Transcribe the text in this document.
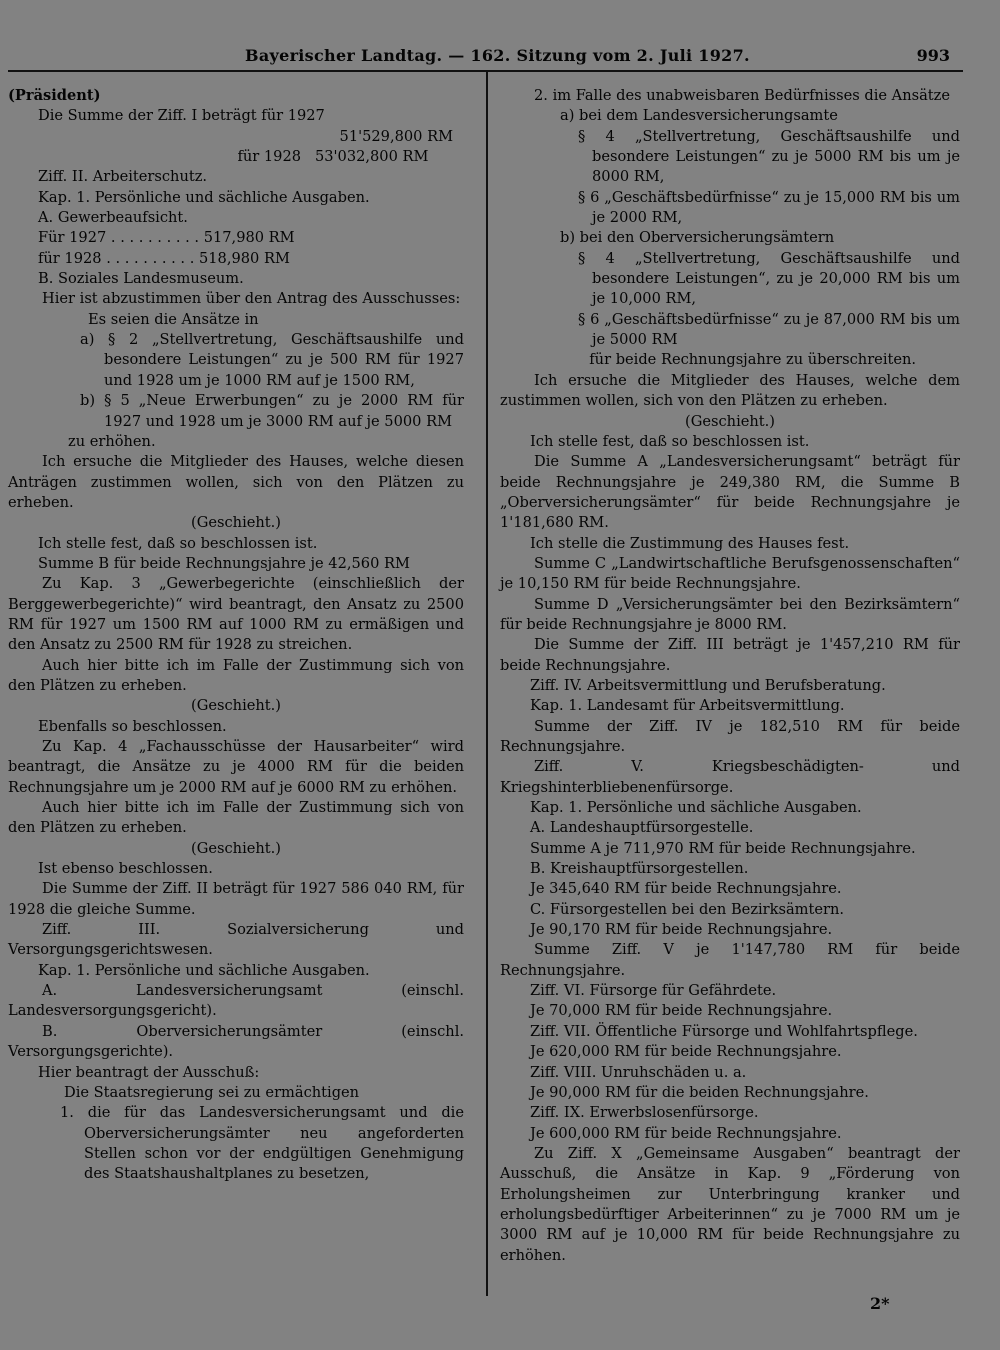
Bayerischer Landtag. — 162. Sitzung vom 2. Juli 1927.	993

(Präsident)

Die Summe der Ziff. I beträgt für 1927

51'529,800 RM

für 1928   53'032,800 RM

Ziff. II. Arbeiterschutz.

Kap. 1. Persönliche und sächliche Ausgaben.

A. Gewerbeaufsicht.

Für 1927 . . . . . . . . . . 517,980 RM

für 1928 . . . . . . . . . . 518,980 RM

B. Soziales Landesmuseum.

Hier ist abzustimmen über den Antrag des Ausschusses:

Es seien die Ansätze in

a) § 2 „Stellvertretung, Geschäftsaushilfe und besondere Leistungen“ zu je 500 RM für 1927 und 1928 um je 1000 RM auf je 1500 RM,

b) § 5 „Neue Erwerbungen“ zu je 2000 RM für 1927 und 1928 um je 3000 RM auf je 5000 RM

zu erhöhen.

Ich ersuche die Mitglieder des Hauses, welche diesen Anträgen zustimmen wollen, sich von den Plätzen zu erheben.

(Geschieht.)

Ich stelle fest, daß so beschlossen ist.

Summe B für beide Rechnungsjahre je 42,560 RM

Zu Kap. 3 „Gewerbegerichte (einschließlich der Berggewerbegerichte)“ wird beantragt, den Ansatz zu 2500 RM für 1927 um 1500 RM auf 1000 RM zu ermäßigen und den Ansatz zu 2500 RM für 1928 zu streichen.

Auch hier bitte ich im Falle der Zustimmung sich von den Plätzen zu erheben.

(Geschieht.)

Ebenfalls so beschlossen.

Zu Kap. 4 „Fachausschüsse der Hausarbeiter“ wird beantragt, die Ansätze zu je 4000 RM für die beiden Rechnungsjahre um je 2000 RM auf je 6000 RM zu erhöhen.

Auch hier bitte ich im Falle der Zustimmung sich von den Plätzen zu erheben.

(Geschieht.)

Ist ebenso beschlossen.

Die Summe der Ziff. II beträgt für 1927 586 040 RM, für 1928 die gleiche Summe.

Ziff. III. Sozialversicherung und Versorgungsgerichtswesen.

Kap. 1. Persönliche und sächliche Ausgaben.

A. Landesversicherungsamt (einschl. Landesversorgungsgericht).

B. Oberversicherungsämter (einschl. Versorgungsgerichte).

Hier beantragt der Ausschuß:

Die Staatsregierung sei zu ermächtigen

1. die für das Landesversicherungsamt und die Oberversicherungsämter neu angeforderten Stellen schon vor der endgültigen Genehmigung des Staatshaushaltplanes zu besetzen,

2. im Falle des unabweisbaren Bedürfnisses die Ansätze

a) bei dem Landesversicherungsamte

§ 4 „Stellvertretung, Geschäftsaushilfe und besondere Leistungen“ zu je 5000 RM bis um je 8000 RM,

§ 6 „Geschäftsbedürfnisse“ zu je 15,000 RM bis um je 2000 RM,

b) bei den Oberversicherungsämtern

§ 4 „Stellvertretung, Geschäftsaushilfe und besondere Leistungen“, zu je 20,000 RM bis um je 10,000 RM,

§ 6 „Geschäftsbedürfnisse“ zu je 87,000 RM bis um je 5000 RM

für beide Rechnungsjahre zu überschreiten.

Ich ersuche die Mitglieder des Hauses, welche dem zustimmen wollen, sich von den Plätzen zu erheben.

(Geschieht.)

Ich stelle fest, daß so beschlossen ist.

Die Summe A „Landesversicherungsamt“ beträgt für beide Rechnungsjahre je 249,380 RM, die Summe B „Oberversicherungsämter“ für beide Rechnungsjahre je 1'181,680 RM.

Ich stelle die Zustimmung des Hauses fest.

Summe C „Landwirtschaftliche Berufsgenossenschaften“ je 10,150 RM für beide Rechnungsjahre.

Summe D „Versicherungsämter bei den Bezirksämtern“ für beide Rechnungsjahre je 8000 RM.

Die Summe der Ziff. III beträgt je 1'457,210 RM für beide Rechnungsjahre.

Ziff. IV. Arbeitsvermittlung und Berufsberatung.

Kap. 1. Landesamt für Arbeitsvermittlung.

Summe der Ziff. IV je 182,510 RM für beide Rechnungsjahre.

Ziff. V. Kriegsbeschädigten- und Kriegshinterbliebenenfürsorge.

Kap. 1. Persönliche und sächliche Ausgaben.

A. Landeshauptfürsorgestelle.

Summe A je 711,970 RM für beide Rechnungsjahre.

B. Kreishauptfürsorgestellen.

Je 345,640 RM für beide Rechnungsjahre.

C. Fürsorgestellen bei den Bezirksämtern.

Je 90,170 RM für beide Rechnungsjahre.

Summe Ziff. V je 1'147,780 RM für beide Rechnungsjahre.

Ziff. VI. Fürsorge für Gefährdete.

Je 70,000 RM für beide Rechnungsjahre.

Ziff. VII. Öffentliche Fürsorge und Wohlfahrtspflege.

Je 620,000 RM für beide Rechnungsjahre.

Ziff. VIII. Unruhschäden u. a.

Je 90,000 RM für die beiden Rechnungsjahre.

Ziff. IX. Erwerbslosenfürsorge.

Je 600,000 RM für beide Rechnungsjahre.

Zu Ziff. X „Gemeinsame Ausgaben“ beantragt der Ausschuß, die Ansätze in Kap. 9 „Förderung von Erholungsheimen zur Unterbringung kranker und erholungsbedürftiger Arbeiterinnen“ zu je 7000 RM um je 3000 RM auf je 10,000 RM für beide Rechnungsjahre zu erhöhen.

2*
